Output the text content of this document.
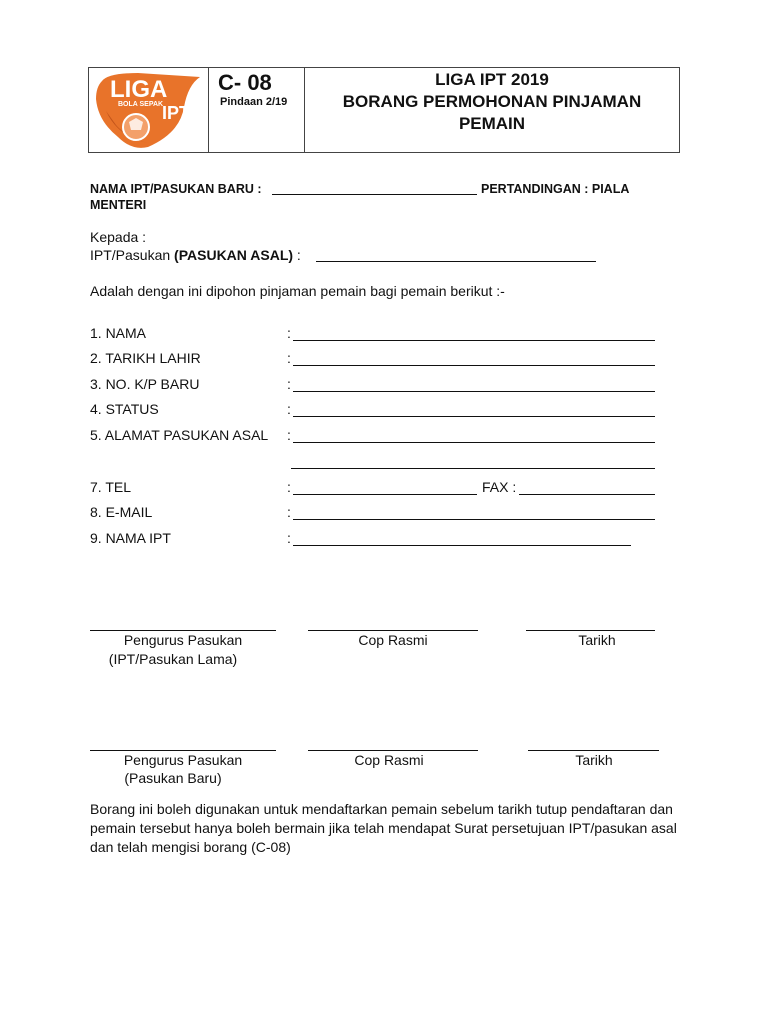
LIGA
BOLA SEPAK
IPT
C- 08
Pindaan 2/19
LIGA IPT 2019
BORANG PERMOHONAN PINJAMAN
PEMAIN
NAMA IPT/PASUKAN BARU :	PERTANDINGAN : PIALA
MENTERI
Kepada :
IPT/Pasukan (PASUKAN ASAL) :
Adalah dengan ini dipohon pinjaman pemain bagi pemain berikut :-
1. NAMA	:
2. TARIKH LAHIR	:
3. NO. K/P BARU	:
4. STATUS	:
5. ALAMAT PASUKAN ASAL :
7. TEL	:	FAX :
8. E-MAIL	:
9. NAMA IPT	:
Pengurus Pasukan
(IPT/Pasukan Lama)
Cop Rasmi	Tarikh
Pengurus Pasukan
(Pasukan Baru)
Cop Rasmi	Tarikh
Borang ini boleh digunakan untuk mendaftarkan pemain sebelum tarikh tutup pendaftaran dan pemain tersebut hanya boleh bermain jika telah mendapat Surat persetujuan IPT/pasukan asal dan telah mengisi borang (C-08)
